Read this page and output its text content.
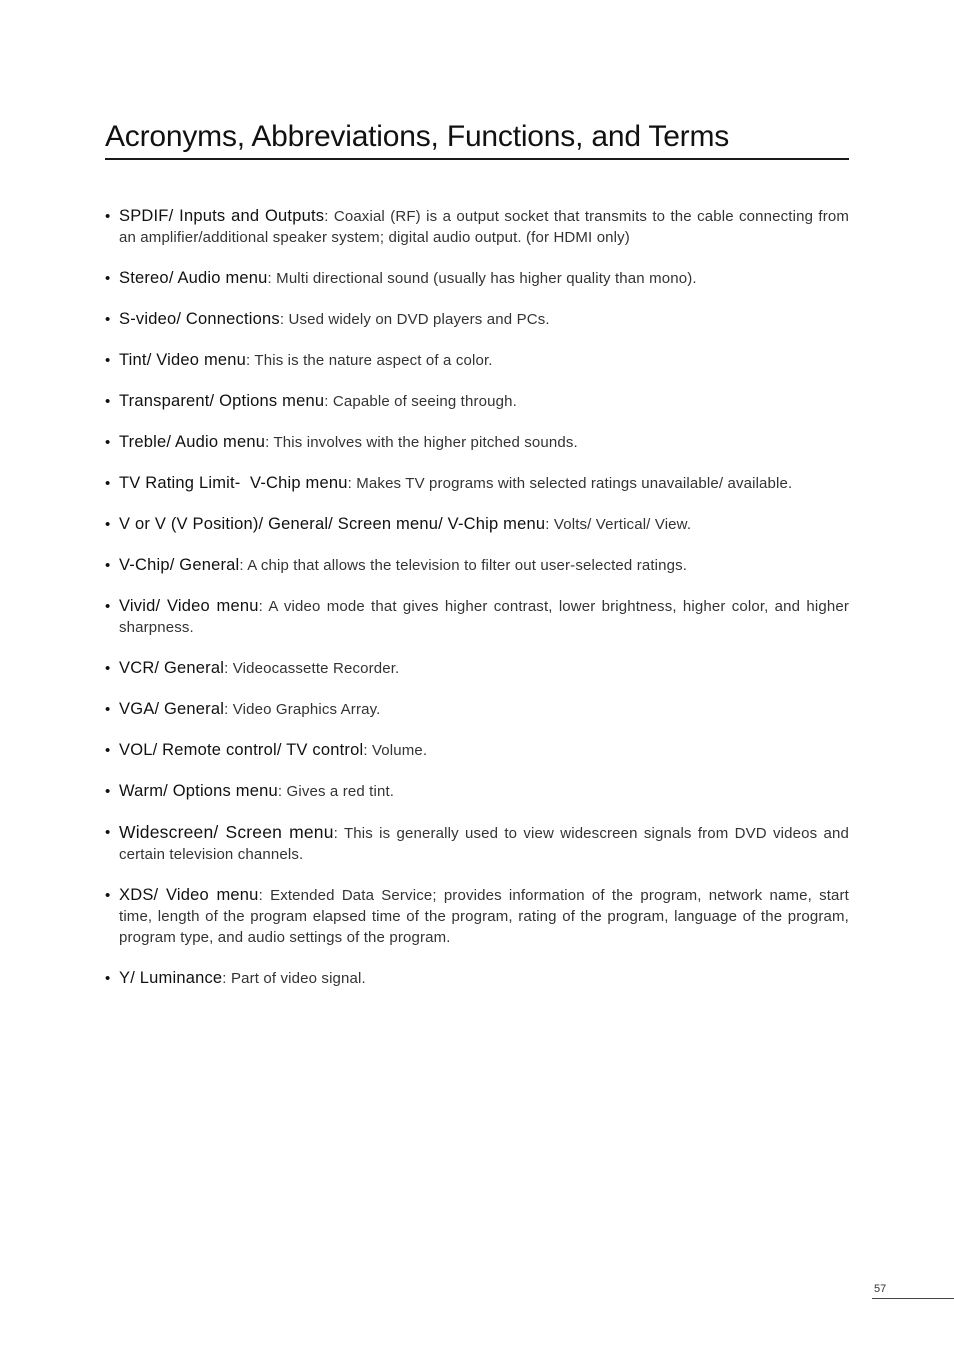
Acronyms, Abbreviations, Functions, and Terms
• SPDIF/ Inputs and Outputs: Coaxial (RF) is a output socket that transmits to the cable connecting from an amplifier/additional speaker system; digital audio output. (for HDMI only)
• Stereo/ Audio menu: Multi directional sound (usually has higher quality than mono).
• S-video/ Connections: Used widely on DVD players and PCs.
• Tint/ Video menu: This is the nature aspect of a color.
• Transparent/ Options menu: Capable of seeing through.
• Treble/ Audio menu: This involves with the higher pitched sounds.
• TV Rating Limit-  V-Chip menu: Makes TV programs with selected ratings unavailable/ available.
• V or V (V Position)/ General/ Screen menu/ V-Chip menu: Volts/ Vertical/ View.
• V-Chip/ General: A chip that allows the television to filter out user-selected ratings.
• Vivid/ Video menu: A video mode that gives higher contrast, lower brightness, higher color, and higher sharpness.
• VCR/ General: Videocassette Recorder.
• VGA/ General: Video Graphics Array.
• VOL/ Remote control/ TV control: Volume.
• Warm/ Options menu: Gives a red tint.
• Widescreen/ Screen menu: This is generally used to view widescreen signals from DVD videos and certain television channels.
• XDS/ Video menu: Extended Data Service; provides information of the program, network name, start time, length of the program elapsed time of the program, rating of the program, language of the program, program type, and audio settings of the program.
• Y/ Luminance: Part of video signal.
57
